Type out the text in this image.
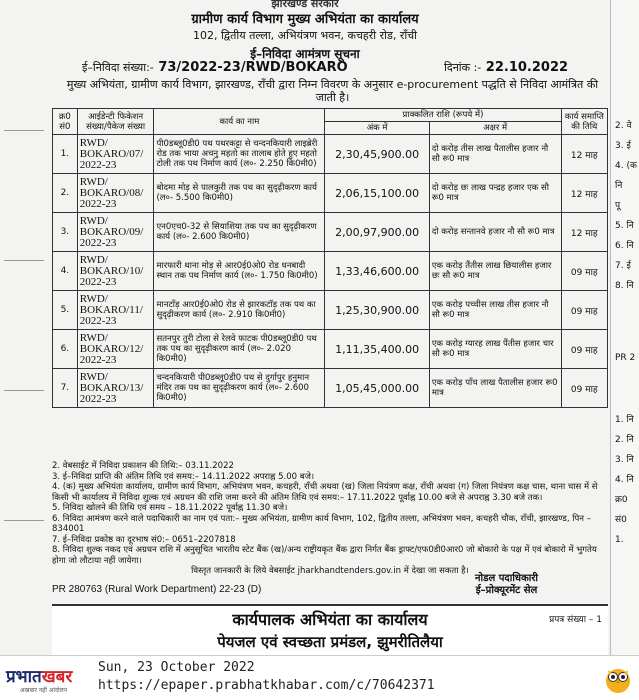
झारखण्ड सरकार
ग्रामीण कार्य विभाग मुख्य अभियंता का कार्यालय
102, द्वितीय तल्ला, अभियंत्रण भवन, कचहरी रोड, राँची
ई–निविदा आमंत्रण सूचना
ई–निविदा संख्या:- 73/2022-23/RWD/BOKARO	दिनांक :- 22.10.2022
मुख्य अभियंता, ग्रामीण कार्य विभाग, झारखण्ड, राँची द्वारा निम्न विवरण के अनुसार e-procurement पद्धति से निविदा आमंत्रित की जाती है।
क्र0 सं0	आईडेन्टी फिकेशन संख्या/पैकेज संख्या	कार्य का नाम	प्राक्कलित राशि (रूपये में)		कार्य समाप्ति की तिथि
			अंक में	अक्षर में	
1.	RWD/ BOKARO/07/ 2022-23	पी0डब्लू0डी0 पथ पथरकट्टा से चन्दनकियारी लाइब्रेरी रोड तक भाया अचनु महतो का तालाब होते हुए महतो टोली तक पथ निर्माण कार्य (ल०- 2.250 कि0मी0)	2,30,45,900.00	दो करोड़ तीस लाख पैतालीस हजार नौ सौ रू0 मात्र	12 माह
2.	RWD/ BOKARO/08/ 2022-23	बोदमा मोड़ से पालकुरी तक पथ का सुदृढ़ीकरण कार्य (ल०- 5.500 कि0मी0)	2,06,15,100.00	दो करोड़ छः लाख पन्द्रह हजार एक सौ रू0 मात्र	12 माह
3.	RWD/ BOKARO/09/ 2022-23	एन0एच0-32 से सियाशिया तक पथ का सुदृढ़ीकरण कार्य (ल०- 2.600 कि0मी0)	2,00,97,900.00	दो करोड़ सन्तानवे हजार नौ सौ रू0 मात्र	12 माह
4.	RWD/ BOKARO/10/ 2022-23	मारफारी थाना मोड़ से आर0ई0ओ0 रोड धनबादी स्थान तक पथ निर्माण कार्य (ल०- 1.750 कि0मी0)	1,33,46,600.00	एक करोड़ तैंतीस लाख छियालीस हजार छः सौ रू0 मात्र	09 माह
5.	RWD/ BOKARO/11/ 2022-23	मानटाँड़ आर0ई0ओ0 रोड से झारकटॉड़ तक पथ का सुदृढ़ीकरण कार्य (ल०- 2.910 कि0मी0)	1,25,30,900.00	एक करोड़ पच्चीस लाख तीस हजार नौ सौ रू0 मात्र	09 माह
6.	RWD/ BOKARO/12/ 2022-23	सतनपुर तुरी टोला से रेलवे फाटक पी0डब्लू0डी0 पथ तक पथ का सुदृढ़ीकरण कार्य (ल०- 2.020 कि0मी0)	1,11,35,400.00	एक करोड़ ग्यारह लाख पैंतीस हजार चार सौ रू0 मात्र	09 माह
7.	RWD/ BOKARO/13/ 2022-23	चन्दनकियारी पी0डब्लू0डी0 पथ से दुर्गापुर हनुमान मंदिर तक पथ का सुदृढ़ीकरण कार्य (ल०- 2.600 कि0मी0)	1,05,45,000.00	एक करोड़ पाँच लाख पैतालीस हजार रू0 मात्र	09 माह
2. वेबसाईट में निविदा प्रकाशन की तिथि:– 03.11.2022
3. ई–निविदा प्राप्ति की अंतिम तिथि एवं समय:– 14.11.2022 अपराह्न 5.00 बजे।
4. (क) मुख्य अभियंता कार्यालय, ग्रामीण कार्य विभाग, अभियंत्रण भवन, कचहरी, राँची अथवा (ख) जिला नियंत्रण कक्ष, राँची अथवा (ग) जिला नियंत्रण कक्ष चास, थाना चास में से किसी भी कार्यालय में निविदा शुल्क एवं अग्रधन की राशि जमा करने की अंतिम तिथि एवं समय:– 17.11.2022 पूर्वाह्न 10.00 बजे से अपराह्न 3.30 बजे तक।
5. निविदा खोलने की तिथि एवं समय – 18.11.2022 पूर्वाह्न 11.30 बजे।
6. निविदा आमंत्रण करने वाले पदाधिकारी का नाम एवं पता:– मुख्य अभियंता, ग्रामीण कार्य विभाग, 102, द्वितीय तल्ला, अभियंत्रण भवन, कचहरी चौक, राँची, झारखण्ड, पिन – 834001
7. ई–निविदा प्रकोष्ठ का दूरभाष सं0:– 0651–2207818
8. निविदा शुल्क नकद एवं अग्रधन राशि में अनुसूचित भारतीय स्टेट बैंक (ख)/अन्य राष्ट्रीयकृत बैंक द्वारा निर्गत बैंक ड्राफ्ट/एफ0डी0आर0 जो बोकारो के पक्ष में एवं बोकारो में भुगतेय होगा जो लौटाया नहीं जायेगा।
विस्तृत जानकारी के लिये वेबसाईट jharkhandtenders.gov.in में देखा जा सकता है।
PR 280763 (Rural Work Department) 22-23 (D)
नोडल पदाधिकारी
ई–प्रोक्यूरमेंट सेल
कार्यपालक अभियंता का कार्यालय
पेयजल एवं स्वच्छता प्रमंडल, झुमरीतिलैया
प्रपत्र संख्या – 1
2. वे
3. ई
4. (क
नि
पू
5. नि
6. नि
7. ई
8. नि
PR 2
1. नि
2. नि
3. नि
4. नि
क्र0
सं0
1.
प्रभातखबर
अखबार नहीं आंदोलन
Sun, 23 October 2022
https://epaper.prabhatkhabar.com/c/70642371
